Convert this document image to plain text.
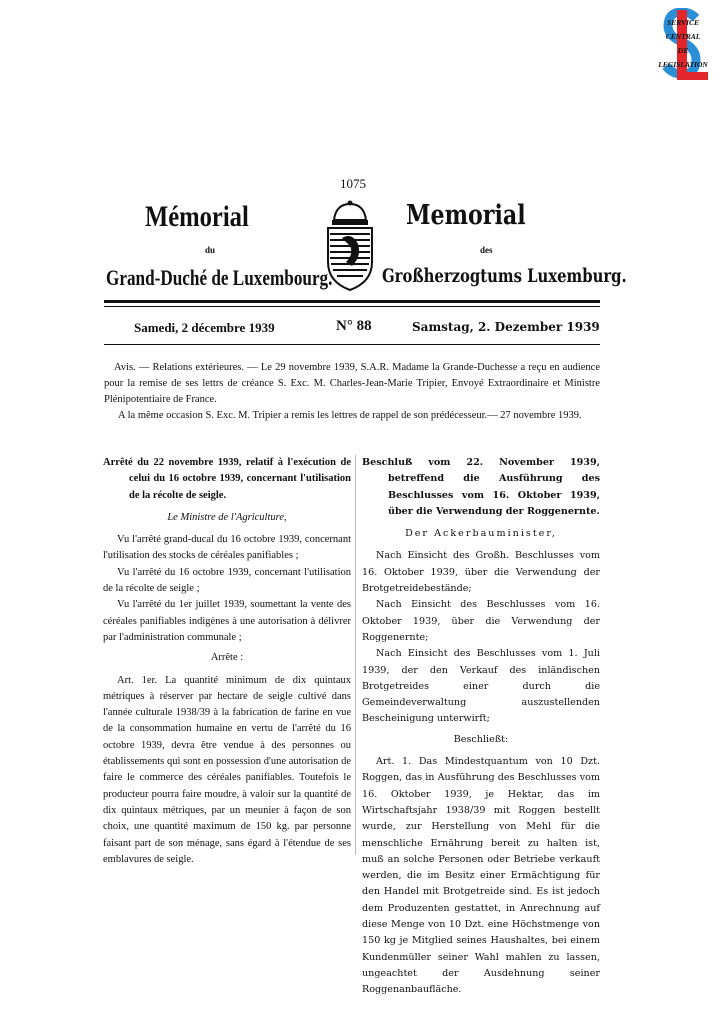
SERVICE
CENTRAL
DE
LEGISLATION
1075
Mémorial
du
Grand-Duché de Luxembourg.
Memorial
des
Großherzogtums Luxemburg.
Samedi, 2 décembre 1939	N° 88	Samstag, 2. Dezember 1939

Avis. — Relations extérieures. — Le 29 novembre 1939, S.A.R. Madame la Grande-Duchesse a reçu en audience pour la remise de ses lettrs de créance S. Exc. M. Charles-Jean-Marie Tripier, Envoyé Extraordinaire et Ministre Plénipotentiaire de France.

A la même occasion S. Exc. M. Tripier a remis les lettres de rappel de son prédécesseur.— 27 novembre 1939.

Arrêté du 22 novembre 1939, relatif à l'exécution de celui du 16 octobre 1939, concernant l'utilisation de la récolte de seigle.

Le Ministre de l'Agriculture,

Vu l'arrêté grand-ducal du 16 octobre 1939, concernant l'utilisation des stocks de céréales panifiables ;

Vu l'arrêté du 16 octobre 1939, concernant l'utilisation de la récolte de seigle ;

Vu l'arrêté du 1er juillet 1939, soumettant la vente des céréales panifiables indigènes à une autorisation à délivrer par l'administration communale ;

Arrête :

Art. 1er. La quantité minimum de dix quintaux métriques à réserver par hectare de seigle cultivé dans l'année culturale 1938/39 à la fabrication de farine en vue de la consommation humaine en vertu de l'arrêté du 16 octobre 1939, devra être vendue à des personnes ou établissements qui sont en possession d'une autorisation de faire le commerce des céréales panifiables. Toutefois le producteur pourra faire moudre, à valoir sur la quantité de dix quintaux métriques, par un meunier à façon de son choix, une quantité maximum de 150 kg. par personne faisant part de son ménage, sans égard à l'étendue de ses emblavures de seigle.

Beschluß vom 22. November 1939, betreffend die Ausführung des Beschlusses vom 16. Oktober 1939, über die Verwendung der Roggenernte.

Der Ackerbauminister,

Nach Einsicht des Großh. Beschlusses vom 16. Oktober 1939, über die Verwendung der Brotgetreidebestände;

Nach Einsicht des Beschlusses vom 16. Oktober 1939, über die Verwendung der Roggenernte;

Nach Einsicht des Beschlusses vom 1. Juli 1939, der den Verkauf des inländischen Brotgetreides einer durch die Gemeindeverwaltung auszustellenden Bescheinigung unterwirft;

Beschließt:

Art. 1. Das Mindestquantum von 10 Dzt. Roggen, das in Ausführung des Beschlusses vom 16. Oktober 1939, je Hektar, das im Wirtschaftsjahr 1938/39 mit Roggen bestellt wurde, zur Herstellung von Mehl für die menschliche Ernährung bereit zu halten ist, muß an solche Personen oder Betriebe verkauft werden, die im Besitz einer Ermächtigung für den Handel mit Brotgetreide sind. Es ist jedoch dem Produzenten gestattet, in Anrechnung auf diese Menge von 10 Dzt. eine Höchstmenge von 150 kg je Mitglied seines Haushaltes, bei einem Kundenmüller seiner Wahl mahlen zu lassen, ungeachtet der Ausdehnung seiner Roggenanbaufläche.
